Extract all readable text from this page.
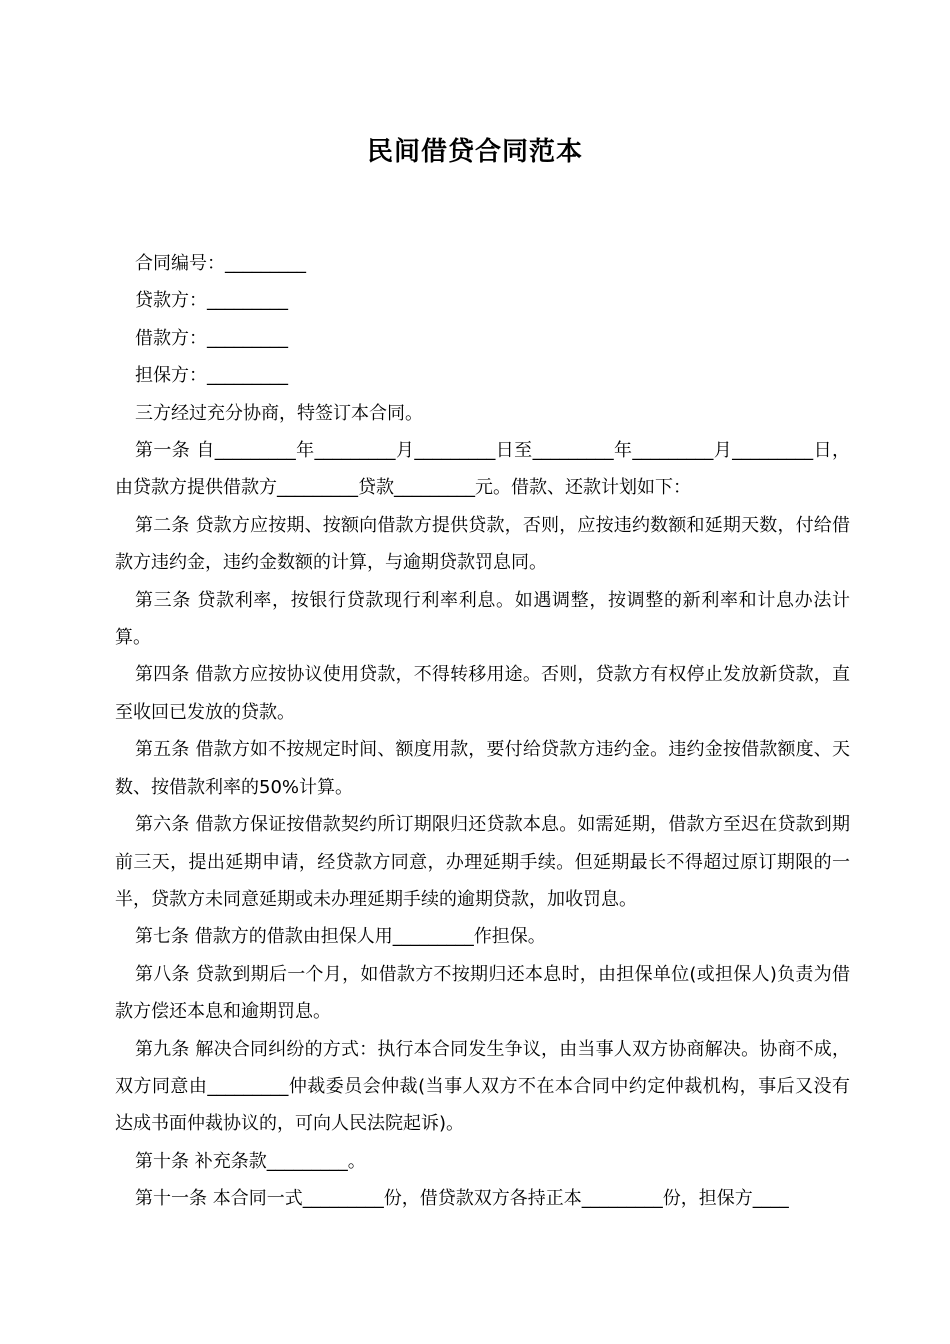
民间借贷合同范本

合同编号：_________

贷款方：_________

借款方：_________

担保方：_________

三方经过充分协商，特签订本合同。

第一条 自_________年_________月_________日至_________年_________月_________日，由贷款方提供借款方_________贷款_________元。借款、还款计划如下：

第二条 贷款方应按期、按额向借款方提供贷款，否则，应按违约数额和延期天数，付给借款方违约金，违约金数额的计算，与逾期贷款罚息同。

第三条 贷款利率，按银行贷款现行利率利息。如遇调整，按调整的新利率和计息办法计算。

第四条 借款方应按协议使用贷款，不得转移用途。否则，贷款方有权停止发放新贷款，直至收回已发放的贷款。

第五条 借款方如不按规定时间、额度用款，要付给贷款方违约金。违约金按借款额度、天数、按借款利率的50%计算。

第六条 借款方保证按借款契约所订期限归还贷款本息。如需延期，借款方至迟在贷款到期前三天，提出延期申请，经贷款方同意，办理延期手续。但延期最长不得超过原订期限的一半，贷款方未同意延期或未办理延期手续的逾期贷款，加收罚息。

第七条 借款方的借款由担保人用_________作担保。

第八条 贷款到期后一个月，如借款方不按期归还本息时，由担保单位(或担保人)负责为借款方偿还本息和逾期罚息。

第九条 解决合同纠纷的方式：执行本合同发生争议，由当事人双方协商解决。协商不成，双方同意由_________仲裁委员会仲裁(当事人双方不在本合同中约定仲裁机构，事后又没有达成书面仲裁协议的，可向人民法院起诉)。

第十条 补充条款_________。

第十一条 本合同一式_________份，借贷款双方各持正本_________份，担保方____
